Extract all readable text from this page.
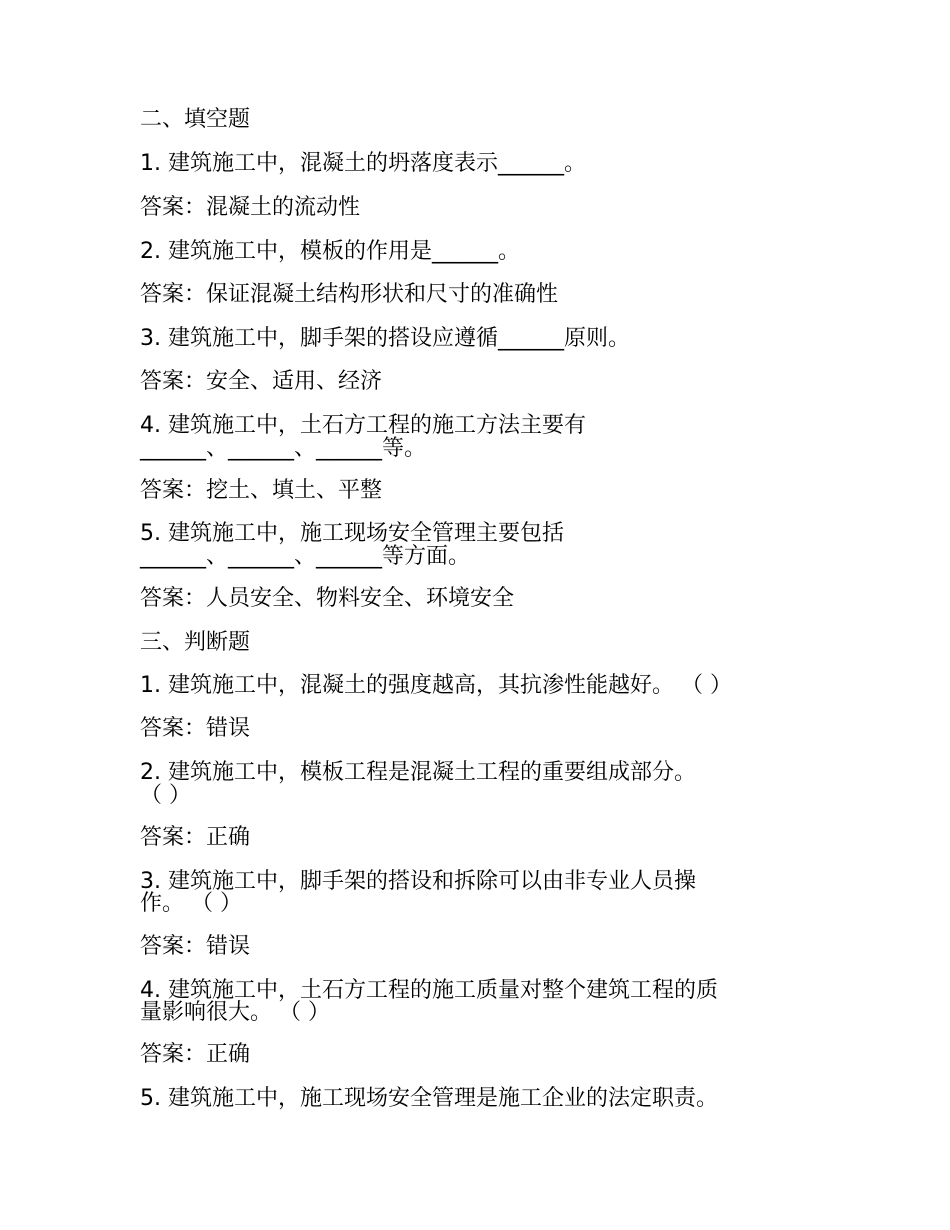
二、填空题
1. 建筑施工中，混凝土的坍落度表示______。
答案：混凝土的流动性
2. 建筑施工中，模板的作用是______。
答案：保证混凝土结构形状和尺寸的准确性
3. 建筑施工中，脚手架的搭设应遵循______原则。
答案：安全、适用、经济
4. 建筑施工中，土石方工程的施工方法主要有
______、______、______等。
答案：挖土、填土、平整
5. 建筑施工中，施工现场安全管理主要包括
______、______、______等方面。
答案：人员安全、物料安全、环境安全
三、判断题
1. 建筑施工中，混凝土的强度越高，其抗渗性能越好。 （ ）
答案：错误
2. 建筑施工中，模板工程是混凝土工程的重要组成部分。
（ ）
答案：正确
3. 建筑施工中，脚手架的搭设和拆除可以由非专业人员操
作。 （ ）
答案：错误
4. 建筑施工中，土石方工程的施工质量对整个建筑工程的质
量影响很大。 （ ）
答案：正确
5. 建筑施工中，施工现场安全管理是施工企业的法定职责。
